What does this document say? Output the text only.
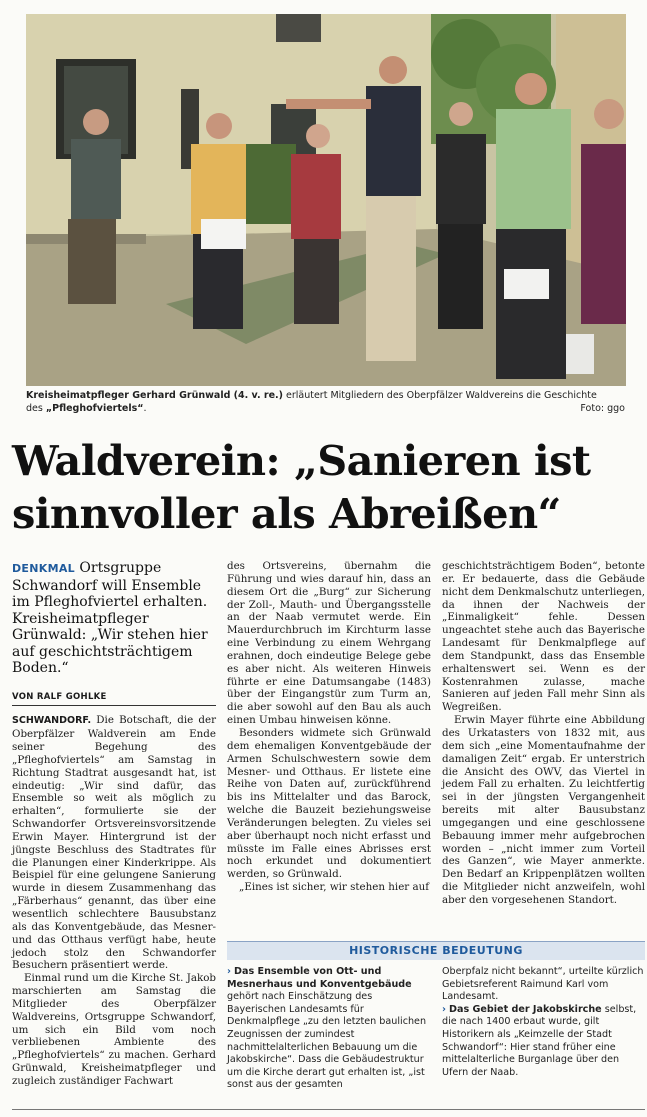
Kreisheimatpfleger Gerhard Grünwald (4. v. re.) erläutert Mitgliedern des Oberpfälzer Waldvereins die Geschichte
des „Pfleghofviertels“.	Foto: ggo
Waldverein: „Sanieren ist
sinnvoller als Abreißen“
DENKMAL Ortsgruppe Schwandorf will Ensemble im Pfleghofviertel erhalten. Kreisheimatpfleger Grünwald: „Wir stehen hier auf geschichtsträchtigem Boden.“
VON RALF GOHLKE

SCHWANDORF. Die Botschaft, die der Oberpfälzer Waldverein am Ende seiner Begehung des „Pfleghofviertels“ am Samstag in Richtung Stadtrat ausgesandt hat, ist eindeutig: „Wir sind dafür, das Ensemble so weit als möglich zu erhalten“, formulierte sie der Schwandorfer Ortsvereinsvorsitzende Erwin Mayer. Hintergrund ist der jüngste Beschluss des Stadtrates für die Planungen einer Kinderkrippe. Als Beispiel für eine gelungene Sanierung wurde in diesem Zusammenhang das „Färberhaus“ genannt, das über eine wesentlich schlechtere Bausubstanz als das Konventgebäude, das Mesner- und das Otthaus verfügt habe, heute jedoch stolz den Schwandorfer Besuchern präsentiert werde.

Einmal rund um die Kirche St. Jakob marschierten am Samstag die Mitglieder des Oberpfälzer Waldvereins, Ortsgruppe Schwandorf, um sich ein Bild vom noch verbliebenen Ambiente des „Pfleghofviertels“ zu machen. Gerhard Grünwald, Kreisheimatpfleger und zugleich zuständiger Fachwart

des Ortsvereins, übernahm die Führung und wies darauf hin, dass an diesem Ort die „Burg“ zur Sicherung der Zoll-, Mauth- und Übergangsstelle an der Naab vermutet werde. Ein Mauerdurchbruch im Kirchturm lasse eine Verbindung zu einem Wehrgang erahnen, doch eindeutige Belege gebe es aber nicht. Als weiteren Hinweis führte er eine Datumsangabe (1483) über der Eingangstür zum Turm an, die aber sowohl auf den Bau als auch einen Umbau hinweisen könne.

Besonders widmete sich Grünwald dem ehemaligen Konventgebäude der Armen Schulschwestern sowie dem Mesner- und Otthaus. Er listete eine Reihe von Daten auf, zurückführend bis ins Mittelalter und das Barock, welche die Bauzeit beziehungsweise Veränderungen belegten. Zu vieles sei aber überhaupt noch nicht erfasst und müsste im Falle eines Abrisses erst noch erkundet und dokumentiert werden, so Grünwald.

„Eines ist sicher, wir stehen hier auf

geschichtsträchtigem Boden“, betonte er. Er bedauerte, dass die Gebäude nicht dem Denkmalschutz unterliegen, da ihnen der Nachweis der „Einmaligkeit“ fehle. Dessen ungeachtet stehe auch das Bayerische Landesamt für Denkmalpflege auf dem Standpunkt, dass das Ensemble erhaltenswert sei. Wenn es der Kostenrahmen zulasse, mache Sanieren auf jeden Fall mehr Sinn als Wegreißen.

Erwin Mayer führte eine Abbildung des Urkatasters von 1832 mit, aus dem sich „eine Momentaufnahme der damaligen Zeit“ ergab. Er unterstrich die Ansicht des OWV, das Viertel in jedem Fall zu erhalten. Zu leichtfertig sei in der jüngsten Vergangenheit bereits mit alter Bausubstanz umgegangen und eine geschlossene Bebauung immer mehr aufgebrochen worden – „nicht immer zum Vorteil des Ganzen“, wie Mayer anmerkte. Den Bedarf an Krippenplätzen wollten die Mitglieder nicht anzweifeln, wohl aber den vorgesehenen Standort.

HISTORISCHE BEDEUTUNG
› Das Ensemble von Ott- und Mesnerhaus und Konventgebäude gehört nach Einschätzung des Bayerischen Landesamts für Denkmalpflege „zu den letzten baulichen Zeugnissen der zumindest nachmittelalterlichen Bebauung um die Jakobskirche“. Dass die Gebäudestruktur um die Kirche derart gut erhalten ist, „ist sonst aus der gesamten
Oberpfalz nicht bekannt“, urteilte kürzlich Gebietsreferent Raimund Karl vom Landesamt.
› Das Gebiet der Jakobskirche selbst, die nach 1400 erbaut wurde, gilt Historikern als „Keimzelle der Stadt Schwandorf“: Hier stand früher eine mittelalterliche Burganlage über den Ufern der Naab.
